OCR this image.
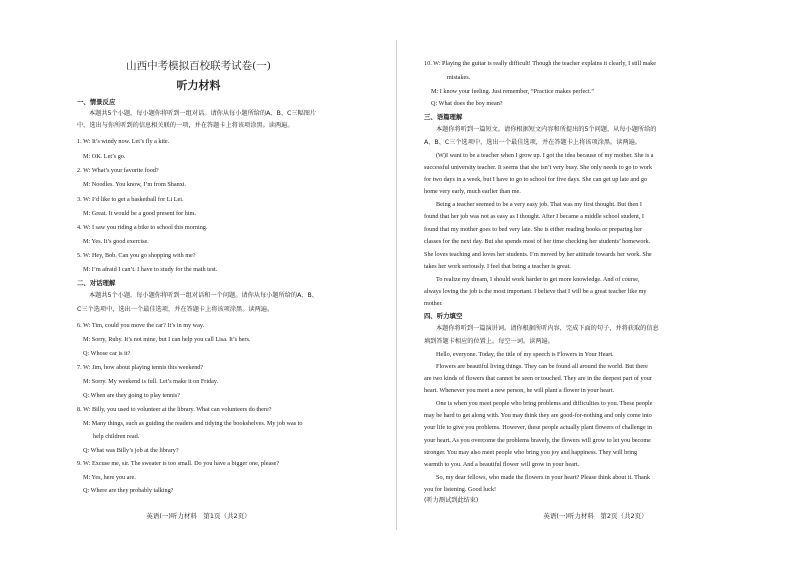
山西中考模拟百校联考试卷(一)
听力材料
一、情景反应
本题共5个小题，每小题你将听到一组对话。请你从每小题所给的A、B、C三幅图片
中，选出与你所听到的信息相关联的一项，并在答题卡上将该项涂黑。读两遍。
1. W: It’s windy now. Let’s fly a kite.
M: OK. Let’s go.
2. W: What’s your favorite food?
M: Noodles. You know, I’m from Shanxi.
3. W: I’d like to get a basketball for Li Lei.
M: Great. It would be a good present for him.
4. W: I saw you riding a bike to school this morning.
M: Yes. It’s good exercise.
5. W: Hey, Bob. Can you go shopping with me?
M: I’m afraid I can’t. I have to study for the math test.
二、对话理解
本题共5个小题，每小题你将听到一组对话和一个问题。请你从每小题所给的A、B、
C三个选项中，选出一个最佳选项，并在答题卡上将该项涂黑。读两遍。
6. W: Tim, could you move the car? It’s in my way.
M: Sorry, Ruby. It’s not mine, but I can help you call Lisa. It’s hers.
Q: Whose car is it?
7. W: Jim, how about playing tennis this weekend?
M: Sorry. My weekend is full. Let’s make it on Friday.
Q: When are they going to play tennis?
8. W: Billy, you used to volunteer at the library. What can volunteers do there?
M: Many things, such as guiding the readers and tidying the bookshelves. My job was to
help children read.
Q: What was Billy’s job at the library?
9. W: Excuse me, sir. The sweater is too small. Do you have a bigger one, please?
M: Yes, here you are.
Q: Where are they probably talking?
英语(一)听力材料　第1页（共2页）
10. W: Playing the guitar is really difficult! Though the teacher explains it clearly, I still make
mistakes.
M: I know your feeling. Just remember, “Practice makes perfect.”
Q: What does the boy mean?
三、语篇理解
本题你将听到一篇短文。请你根据短文内容和所提出的5个问题，从每小题所给的
A、B、C三个选项中，选出一个最佳选项，并在答题卡上将该项涂黑。读两遍。
(W)I want to be a teacher when I grow up. I got the idea because of my mother. She is a
successful university teacher. It seems that she isn’t very busy. She only needs to go to work
for two days in a week, but I have to go to school for five days. She can get up late and go
home very early, much earlier than me.
Being a teacher seemed to be a very easy job. That was my first thought. But then I
found that her job was not as easy as I thought. After I became a middle school student, I
found that my mother goes to bed very late. She is either reading books or preparing her
classes for the next day. But she spends most of her time checking her students’ homework.
She loves teaching and loves her students. I’m moved by her attitude towards her work. She
takes her work seriously. I feel that being a teacher is great.
To realize my dream, I should work harder to get more knowledge. And of course,
always loving the job is the most important. I believe that I will be a great teacher like my
mother.
四、听力填空
本题你将听到一篇演讲词。请你根据所听内容，完成下面的句子，并将获取的信息
填到答题卡相应的位置上。每空一词。读两遍。
Hello, everyone. Today, the title of my speech is Flowers in Your Heart.
Flowers are beautiful living things. They can be found all around the world. But there
are two kinds of flowers that cannot be seen or touched. They are in the deepest part of your
heart. Whenever you meet a new person, he will plant a flower in your heart.
One is when you meet people who bring problems and difficulties to you. These people
may be hard to get along with. You may think they are good-for-nothing and only come into
your life to give you problems. However, these people actually plant flowers of challenge in
your heart. As you overcome the problems bravely, the flowers will grow to let you become
stronger. You may also meet people who bring you joy and happiness. They will bring
warmth to you. And a beautiful flower will grow in your heart.
So, my dear fellows, who made the flowers in your heart? Please think about it. Thank
you for listening. Good luck!
(听力测试到此结束)
英语(一)听力材料　第2页（共2页）
